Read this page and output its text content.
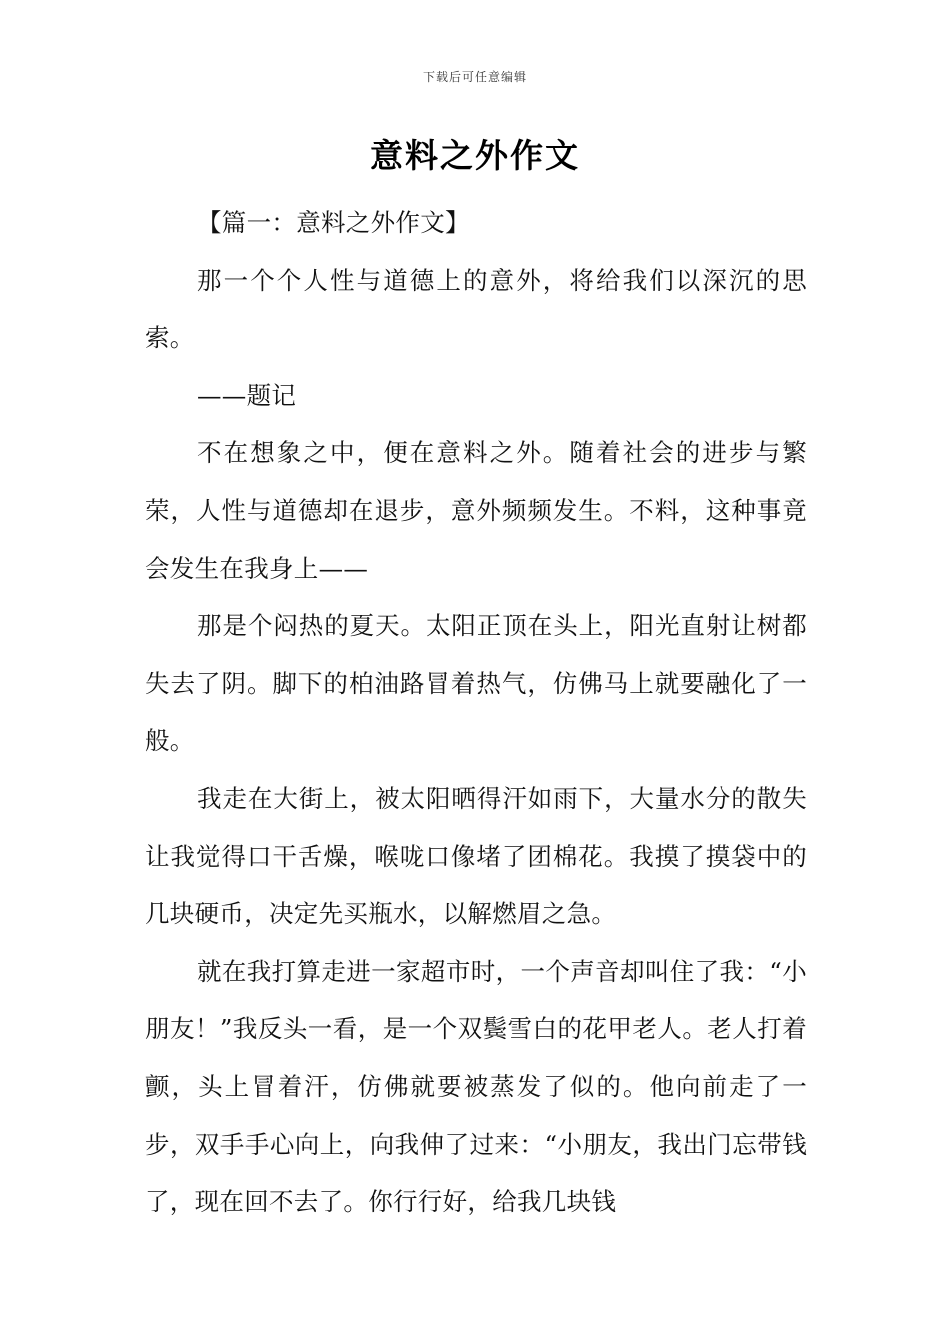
下载后可任意编辑
意料之外作文

【篇一：意料之外作文】

那一个个人性与道德上的意外，将给我们以深沉的思索。

——题记

不在想象之中，便在意料之外。随着社会的进步与繁荣，人性与道德却在退步，意外频频发生。不料，这种事竟会发生在我身上——

那是个闷热的夏天。太阳正顶在头上，阳光直射让树都失去了阴。脚下的柏油路冒着热气，仿佛马上就要融化了一般。

我走在大街上，被太阳晒得汗如雨下，大量水分的散失让我觉得口干舌燥，喉咙口像堵了团棉花。我摸了摸袋中的几块硬币，决定先买瓶水，以解燃眉之急。

就在我打算走进一家超市时，一个声音却叫住了我：“小朋友！”我反头一看，是一个双鬓雪白的花甲老人。老人打着颤，头上冒着汗，仿佛就要被蒸发了似的。他向前走了一步，双手手心向上，向我伸了过来：“小朋友，我出门忘带钱了，现在回不去了。你行行好，给我几块钱
